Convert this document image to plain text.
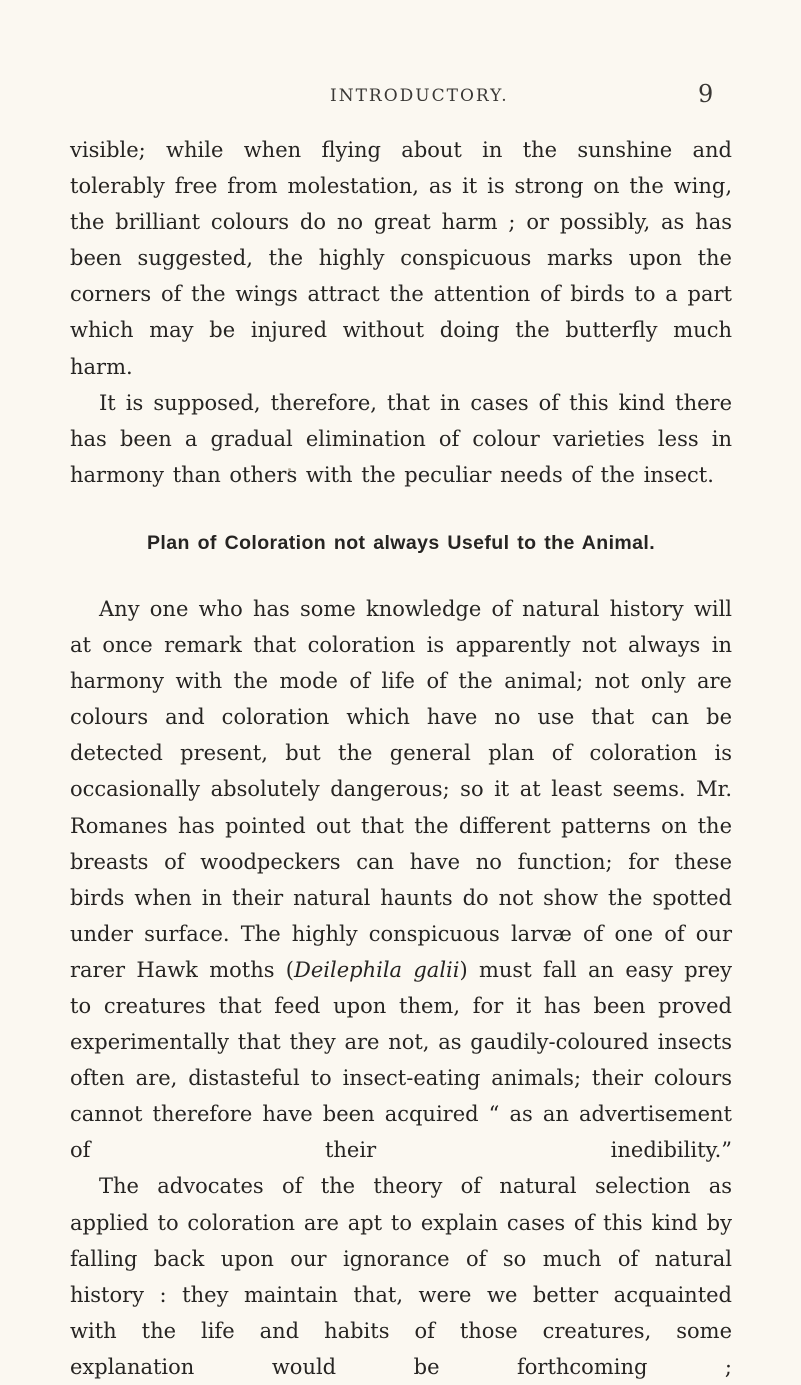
INTRODUCTORY.	9

visible; while when flying about in the sunshine and tolerably free from molestation, as it is strong on the wing, the brilliant colours do no great harm ; or possibly, as has been suggested, the highly conspicuous marks upon the corners of the wings attract the attention of birds to a part which may be injured without doing the butterfly much harm.

It is supposed, therefore, that in cases of this kind there has been a gradual elimination of colour varieties less in harmony than others with the peculiar needs of the insect.

Plan of Coloration not always Useful to the Animal.

Any one who has some knowledge of natural history will at once remark that coloration is apparently not always in harmony with the mode of life of the animal; not only are colours and coloration which have no use that can be detected present, but the general plan of coloration is occasionally absolutely dangerous; so it at least seems. Mr. Romanes has pointed out that the different patterns on the breasts of woodpeckers can have no function; for these birds when in their natural haunts do not show the spotted under surface. The highly conspicuous larvæ of one of our rarer Hawk moths (Deilephila galii) must fall an easy prey to creatures that feed upon them, for it has been proved experimentally that they are not, as gaudily-coloured insects often are, distasteful to insect-eating animals; their colours cannot therefore have been acquired “ as an advertisement of their inedibility.”

The advocates of the theory of natural selection as applied to coloration are apt to explain cases of this kind by falling back upon our ignorance of so much of natural history : they maintain that, were we better acquainted with the life and habits of those creatures, some explanation would be forthcoming ;
